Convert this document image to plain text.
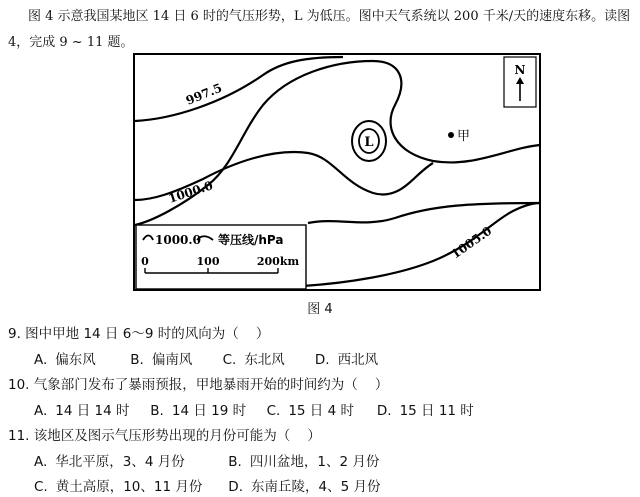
图 4 示意我国某地区 14 日 6 时的气压形势，L 为低压。图中天气系统以 200 千米/天的速度东移。读图 4，完成 9 ~ 11 题。
L
997.5
1000.0
1005.0
甲
N
1000.0 等压线/hPa
0	100	200km
图 4
9. 图中甲地 14 日 6～9 时的风向为（    ）
A. 偏东风	B. 偏南风 C. 东北风 D. 西北风
10. 气象部门发布了暴雨预报，甲地暴雨开始的时间约为（    ）
A. 14 日 14 时 B. 14 日 19 时 C. 15 日 4 时 D. 15 日 11 时
11. 该地区及图示气压形势出现的月份可能为（    ）
A. 华北平原，3、4 月份	B. 四川盆地，1、2 月份
C. 黄土高原，10、11 月份 D. 东南丘陵，4、5 月份
